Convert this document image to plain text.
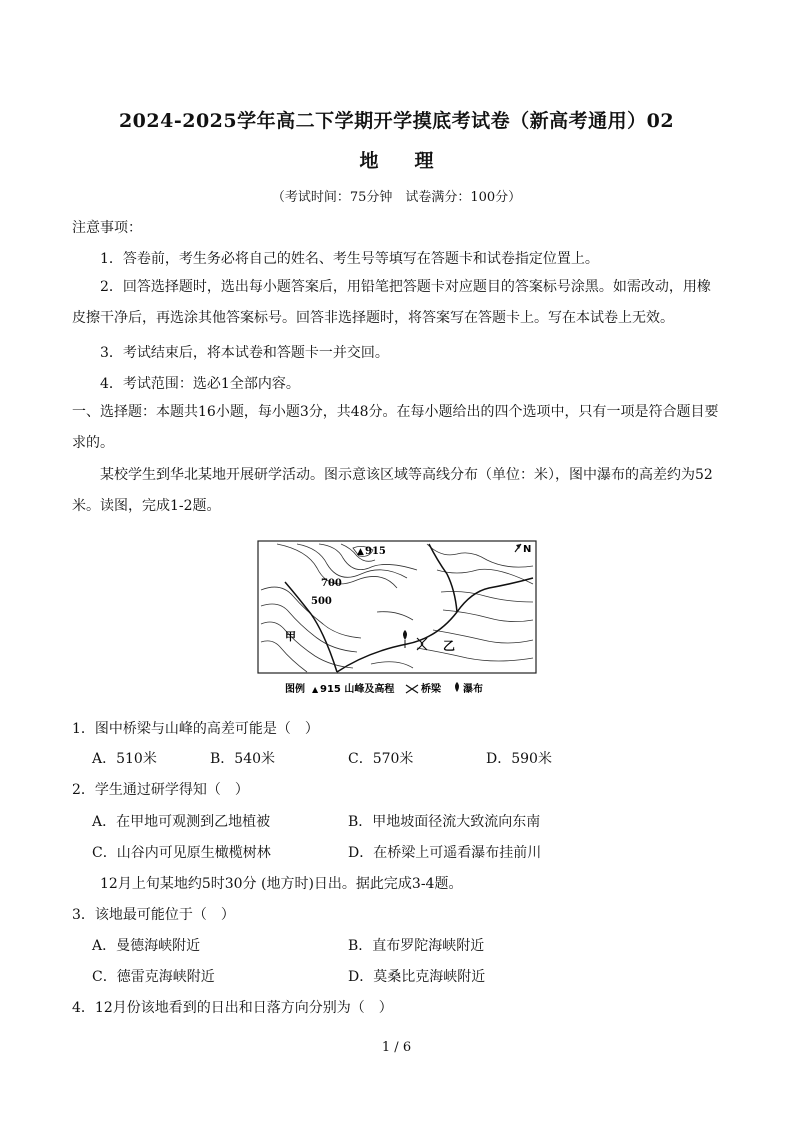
2024-2025学年高二下学期开学摸底考试卷（新高考通用）02
地 理
（考试时间：75分钟　试卷满分：100分）
注意事项：
1．答卷前，考生务必将自己的姓名、考生号等填写在答题卡和试卷指定位置上。
2．回答选择题时，选出每小题答案后，用铅笔把答题卡对应题目的答案标号涂黑。如需改动，用橡皮擦干净后，再选涂其他答案标号。回答非选择题时，将答案写在答题卡上。写在本试卷上无效。
3．考试结束后，将本试卷和答题卡一并交回。
4．考试范围：选必1全部内容。
一、选择题：本题共16小题，每小题3分，共48分。在每小题给出的四个选项中，只有一项是符合题目要求的。
某校学生到华北某地开展研学活动。图示意该区域等高线分布（单位：米），图中瀑布的高差约为52米。读图，完成1-2题。
▲ 915
700
500
N
甲
乙
图例 ▲ 915 山峰及高程	桥梁 瀑布
1．图中桥梁与山峰的高差可能是（　）
A．510米	B．540米	C．570米	D．590米
2．学生通过研学得知（　）
A．在甲地可观测到乙地植被	B．甲地坡面径流大致流向东南
C．山谷内可见原生橄榄树林	D．在桥梁上可遥看瀑布挂前川
12月上旬某地约5时30分 (地方时)日出。据此完成3-4题。
3．该地最可能位于（　）
A．曼德海峡附近	B．直布罗陀海峡附近
C．德雷克海峡附近	D．莫桑比克海峡附近
4．12月份该地看到的日出和日落方向分别为（　）
1 / 6
